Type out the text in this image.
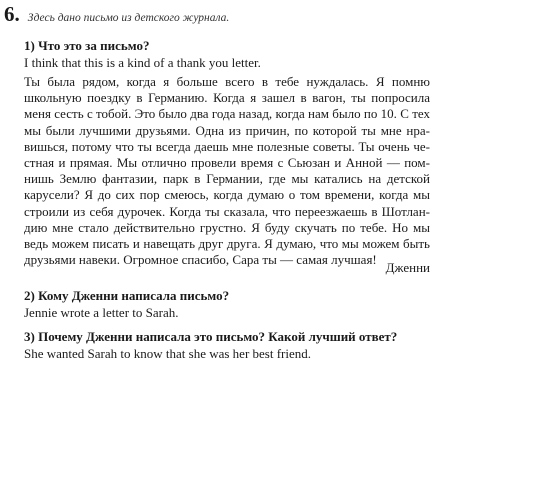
6. Здесь дано письмо из детского журнала.
1) Что это за письмо?
I think that this is a kind of a thank you letter.
Ты была рядом, когда я больше всего в тебе нуждалась. Я помню школьную поездку в Германию. Когда я зашел в вагон, ты попросила меня сесть с тобой. Это было два года назад, когда нам было по 10. С тех мы были лучшими друзьями. Одна из причин, по которой ты мне нравишься, потому что ты всегда даешь мне полезные советы. Ты очень честная и прямая. Мы отлично провели время с Сьюзан и Анной — помнишь Землю фантазии, парк в Германии, где мы катались на детской карусели? Я до сих пор смеюсь, когда думаю о том времени, когда мы строили из себя дурочек. Когда ты сказала, что переезжаешь в Шотландию мне стало действительно грустно. Я буду скучать по тебе. Но мы ведь можем писать и навещать друг друга. Я думаю, что мы можем быть друзьями навеки. Огромное спасибо, Сара ты — самая лучшая!
Дженни
2) Кому Дженни написала письмо?
Jennie wrote a letter to Sarah.
3) Почему Дженни написала это письмо? Какой лучший ответ?
She wanted Sarah to know that she was her best friend.
